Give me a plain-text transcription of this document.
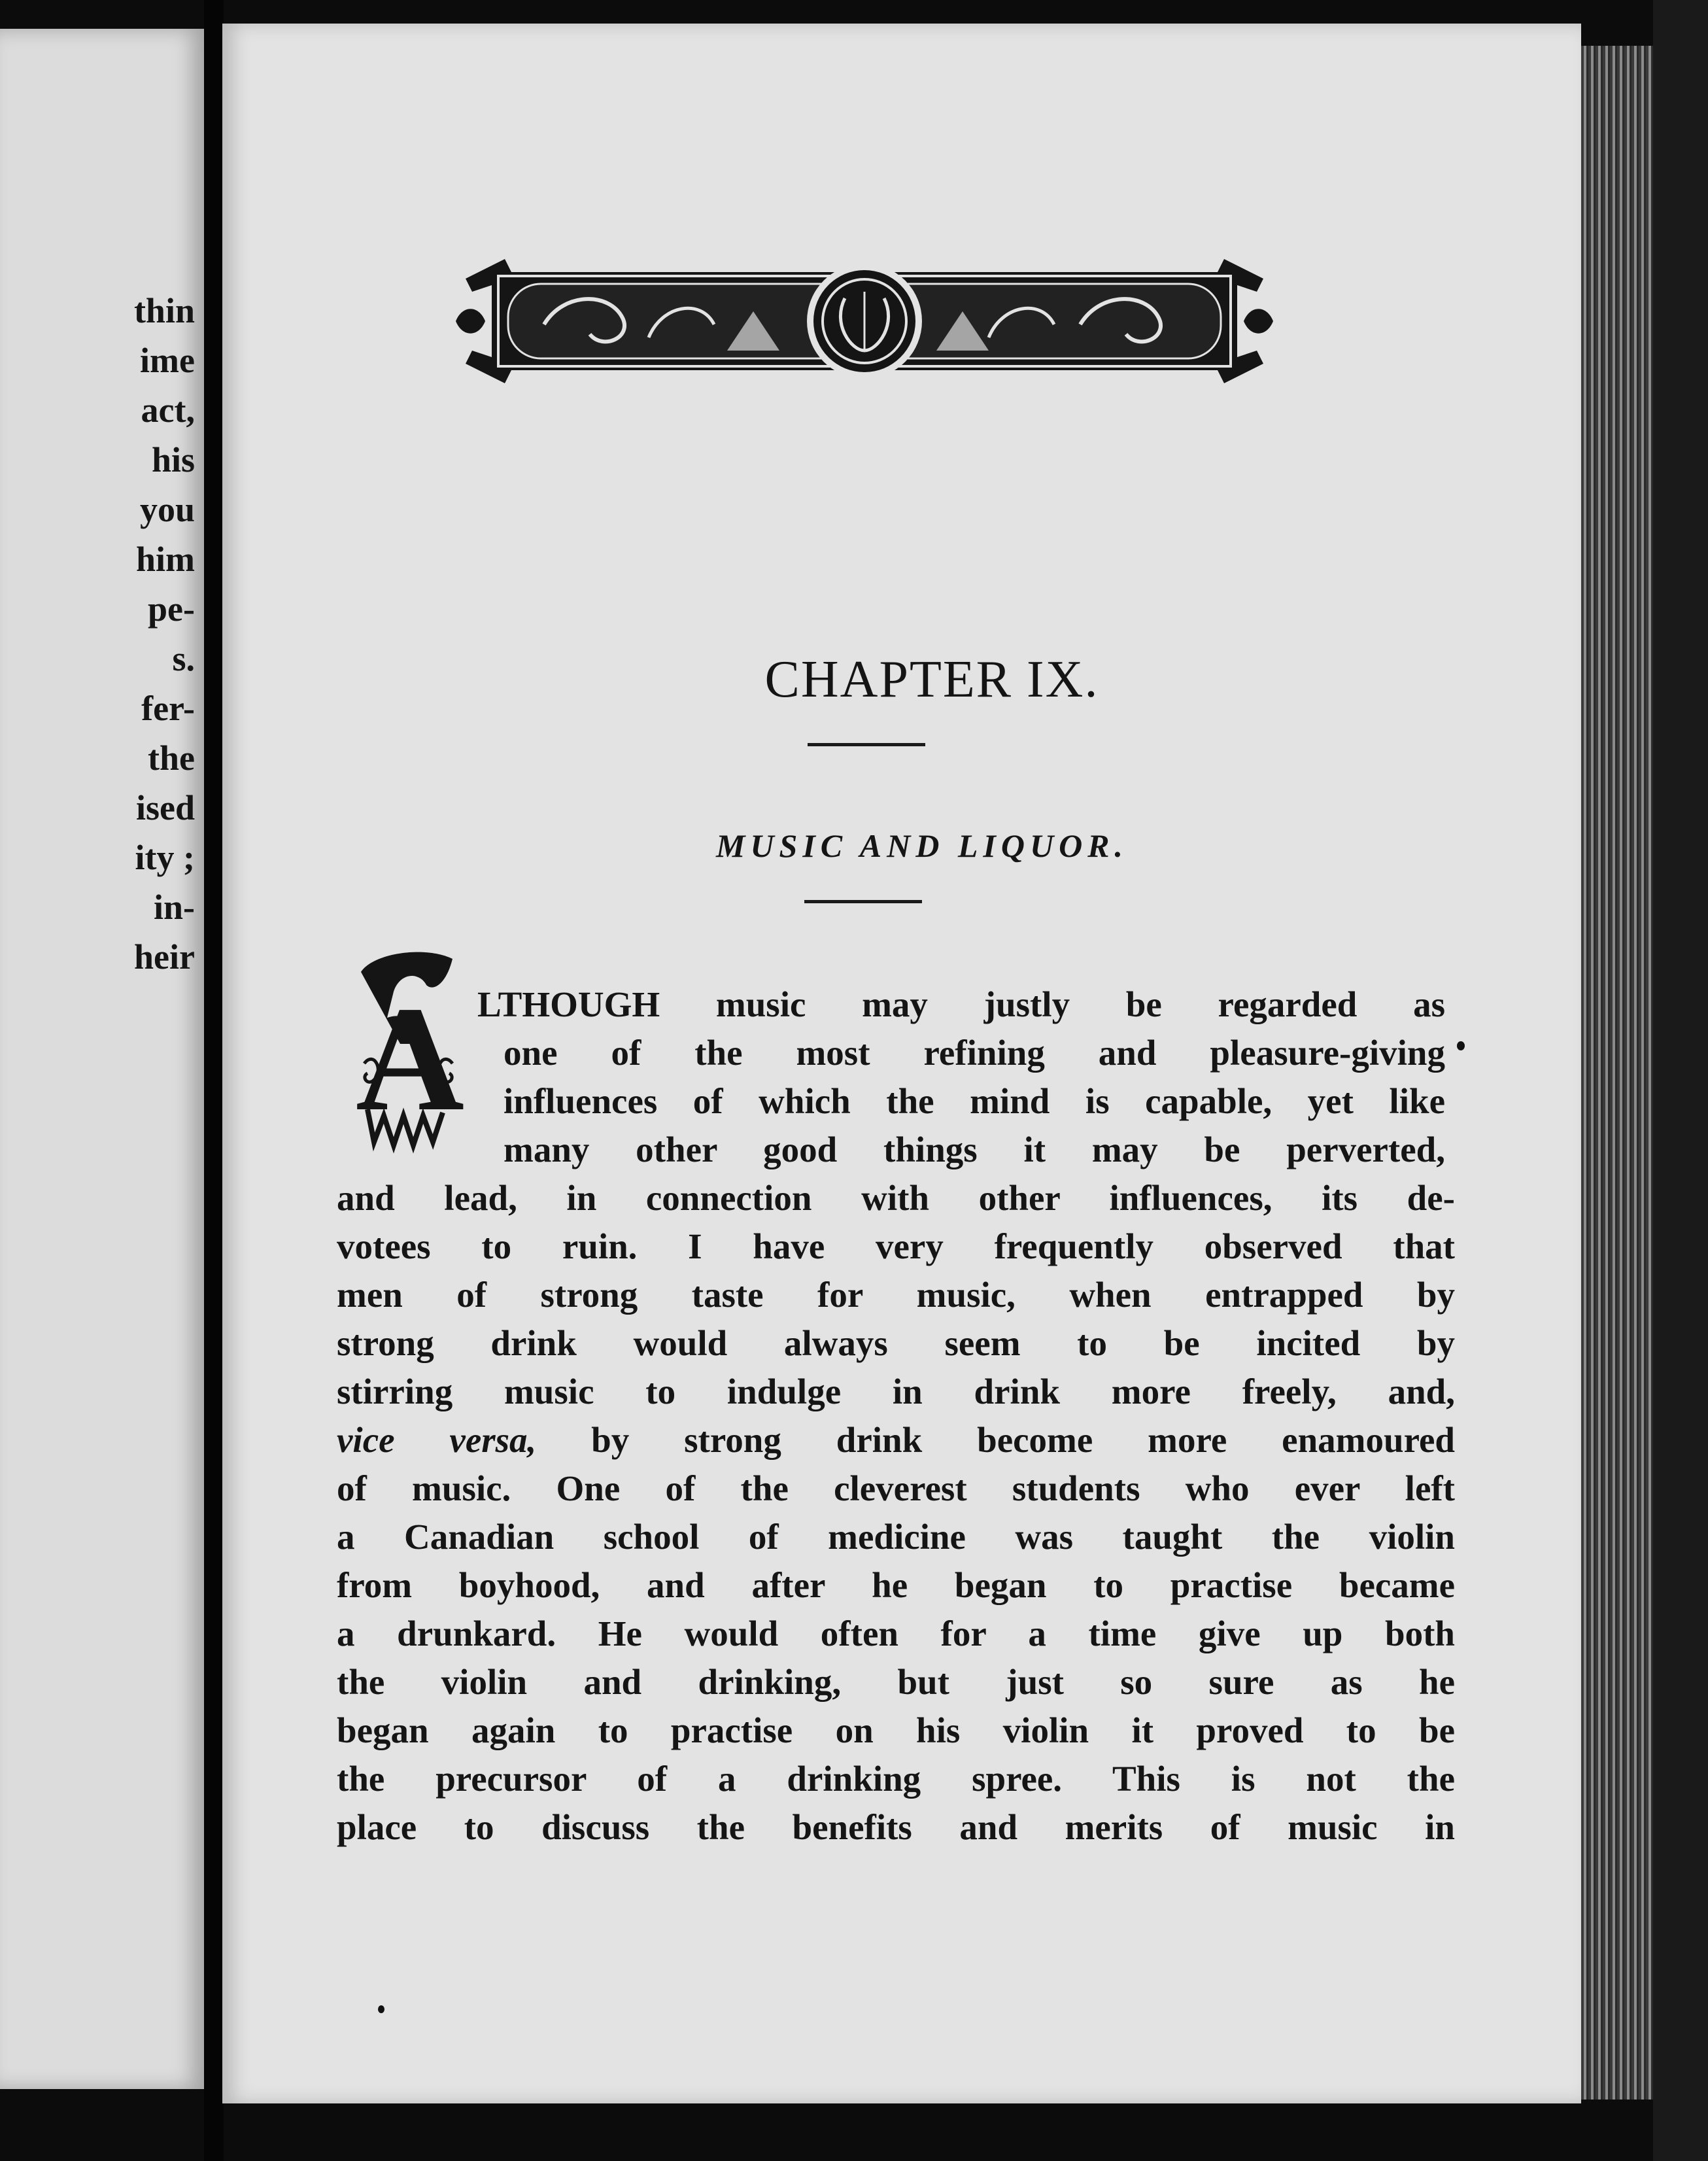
thin
ime
act,
his
you
him
pe-
s.
fer-
the
ised
ity ;
in-
heir
CHAPTER IX.
MUSIC AND LIQUOR.
A LTHOUGH music may justly be regarded as
one of the most refining and pleasure-giving
influences of which the mind is capable, yet like
many other good things it may be perverted,
and lead, in connection with other influences, its de-
votees to ruin. I have very frequently observed that
men of strong taste for music, when entrapped by
strong drink would always seem to be incited by
stirring music to indulge in drink more freely, and,
vice versa, by strong drink become more enamoured
of music. One of the cleverest students who ever left
a Canadian school of medicine was taught the violin
from boyhood, and after he began to practise became
a drunkard. He would often for a time give up both
the violin and drinking, but just so sure as he
began again to practise on his violin it proved to be
the precursor of a drinking spree. This is not the
place to discuss the benefits and merits of music in
